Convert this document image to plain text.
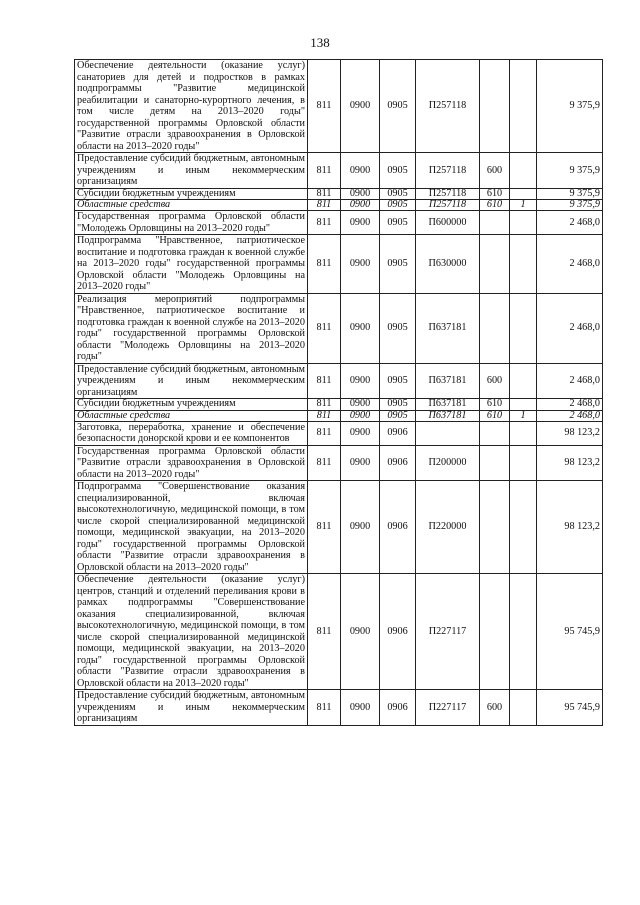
138
Обеспечение деятельности (оказание услуг) санаториев для детей и подростков в рамках подпрограммы "Развитие медицинской реабилитации и санаторно-курортного лечения, в том числе детям на 2013–2020 годы" государственной программы Орловской области "Развитие отрасли здравоохранения в Орловской области на 2013–2020 годы"	811	0900	0905	П257118			9 375,9
Предоставление субсидий бюджетным, автономным учреждениям и иным некоммерческим организациям	811	0900	0905	П257118	600		9 375,9
Субсидии бюджетным учреждениям	811	0900	0905	П257118	610		9 375,9
Областные средства	811	0900	0905	П257118	610	1	9 375,9
Государственная программа Орловской области "Молодежь Орловщины на 2013–2020 годы"	811	0900	0905	П600000			2 468,0
Подпрограмма "Нравственное, патриотическое воспитание и подготовка граждан к военной службе на 2013–2020 годы" государственной программы Орловской области "Молодежь Орловщины на 2013–2020 годы"	811	0900	0905	П630000			2 468,0
Реализация мероприятий подпрограммы "Нравственное, патриотическое воспитание и подготовка граждан к военной службе на 2013–2020 годы" государственной программы Орловской области "Молодежь Орловщины на 2013–2020 годы"	811	0900	0905	П637181			2 468,0
Предоставление субсидий бюджетным, автономным учреждениям и иным некоммерческим организациям	811	0900	0905	П637181	600		2 468,0
Субсидии бюджетным учреждениям	811	0900	0905	П637181	610		2 468,0
Областные средства	811	0900	0905	П637181	610	1	2 468,0
Заготовка, переработка, хранение и обеспечение безопасности донорской крови и ее компонентов	811	0900	0906				98 123,2
Государственная программа Орловской области "Развитие отрасли здравоохранения в Орловской области на 2013–2020 годы"	811	0900	0906	П200000			98 123,2
Подпрограмма "Совершенствование оказания специализированной, включая высокотехнологичную, медицинской помощи, в том числе скорой специализированной медицинской помощи, медицинской эвакуации, на 2013–2020 годы" государственной программы Орловской области "Развитие отрасли здравоохранения в Орловской области на 2013–2020 годы"	811	0900	0906	П220000			98 123,2
Обеспечение деятельности (оказание услуг) центров, станций и отделений переливания крови в рамках подпрограммы "Совершенствование оказания специализированной, включая высокотехнологичную, медицинской помощи, в том числе скорой специализированной медицинской помощи, медицинской эвакуации, на 2013–2020 годы" государственной программы Орловской области "Развитие отрасли здравоохранения в Орловской области на 2013–2020 годы"	811	0900	0906	П227117			95 745,9
Предоставление субсидий бюджетным, автономным учреждениям и иным некоммерческим организациям	811	0900	0906	П227117	600		95 745,9
